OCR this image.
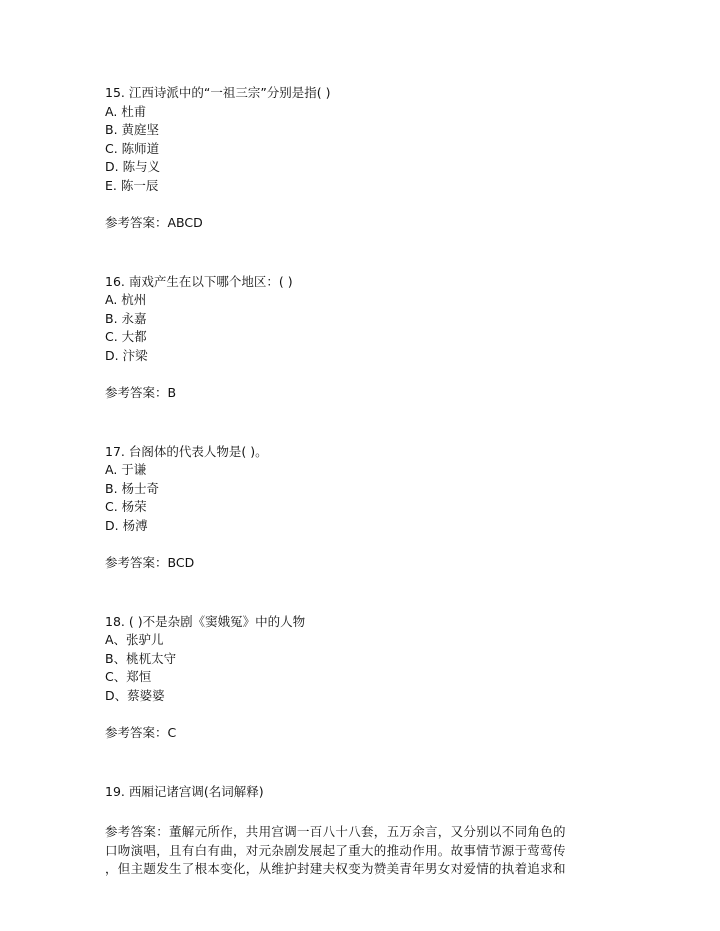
15. 江西诗派中的“一祖三宗”分别是指( )
A. 杜甫
B. 黄庭坚
C. 陈师道
D. 陈与义
E. 陈一辰
参考答案：ABCD
16. 南戏产生在以下哪个地区：( )
A. 杭州
B. 永嘉
C. 大都
D. 汴梁
参考答案：B
17. 台阁体的代表人物是( )。
A. 于谦
B. 杨士奇
C. 杨荣
D. 杨溥
参考答案：BCD
18. ( )不是杂剧《窦娥冤》中的人物
A、张驴儿
B、桃杌太守
C、郑恒
D、蔡婆婆
参考答案：C
19. 西厢记诸宫调(名词解释)
参考答案：董解元所作，共用宫调一百八十八套，五万余言，又分别以不同角色的
口吻演唱，且有白有曲，对元杂剧发展起了重大的推动作用。故事情节源于莺莺传
，但主题发生了根本变化，从维护封建夫权变为赞美青年男女对爱情的执着追求和
